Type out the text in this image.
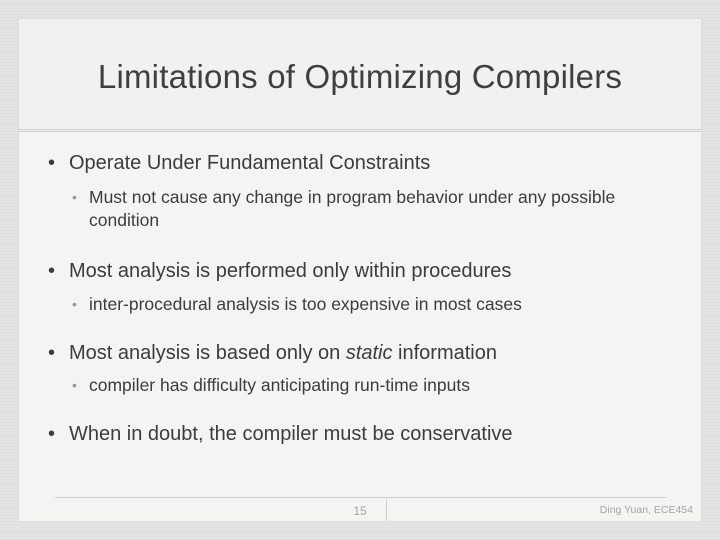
Limitations of Optimizing Compilers
• Operate Under Fundamental Constraints
• Must not cause any change in program behavior under any possible condition
• Most analysis is performed only within procedures
• inter-procedural analysis is too expensive in most cases
• Most analysis is based only on static information
• compiler has difficulty anticipating run-time inputs
• When in doubt, the compiler must be conservative
15	Ding Yuan, ECE454
